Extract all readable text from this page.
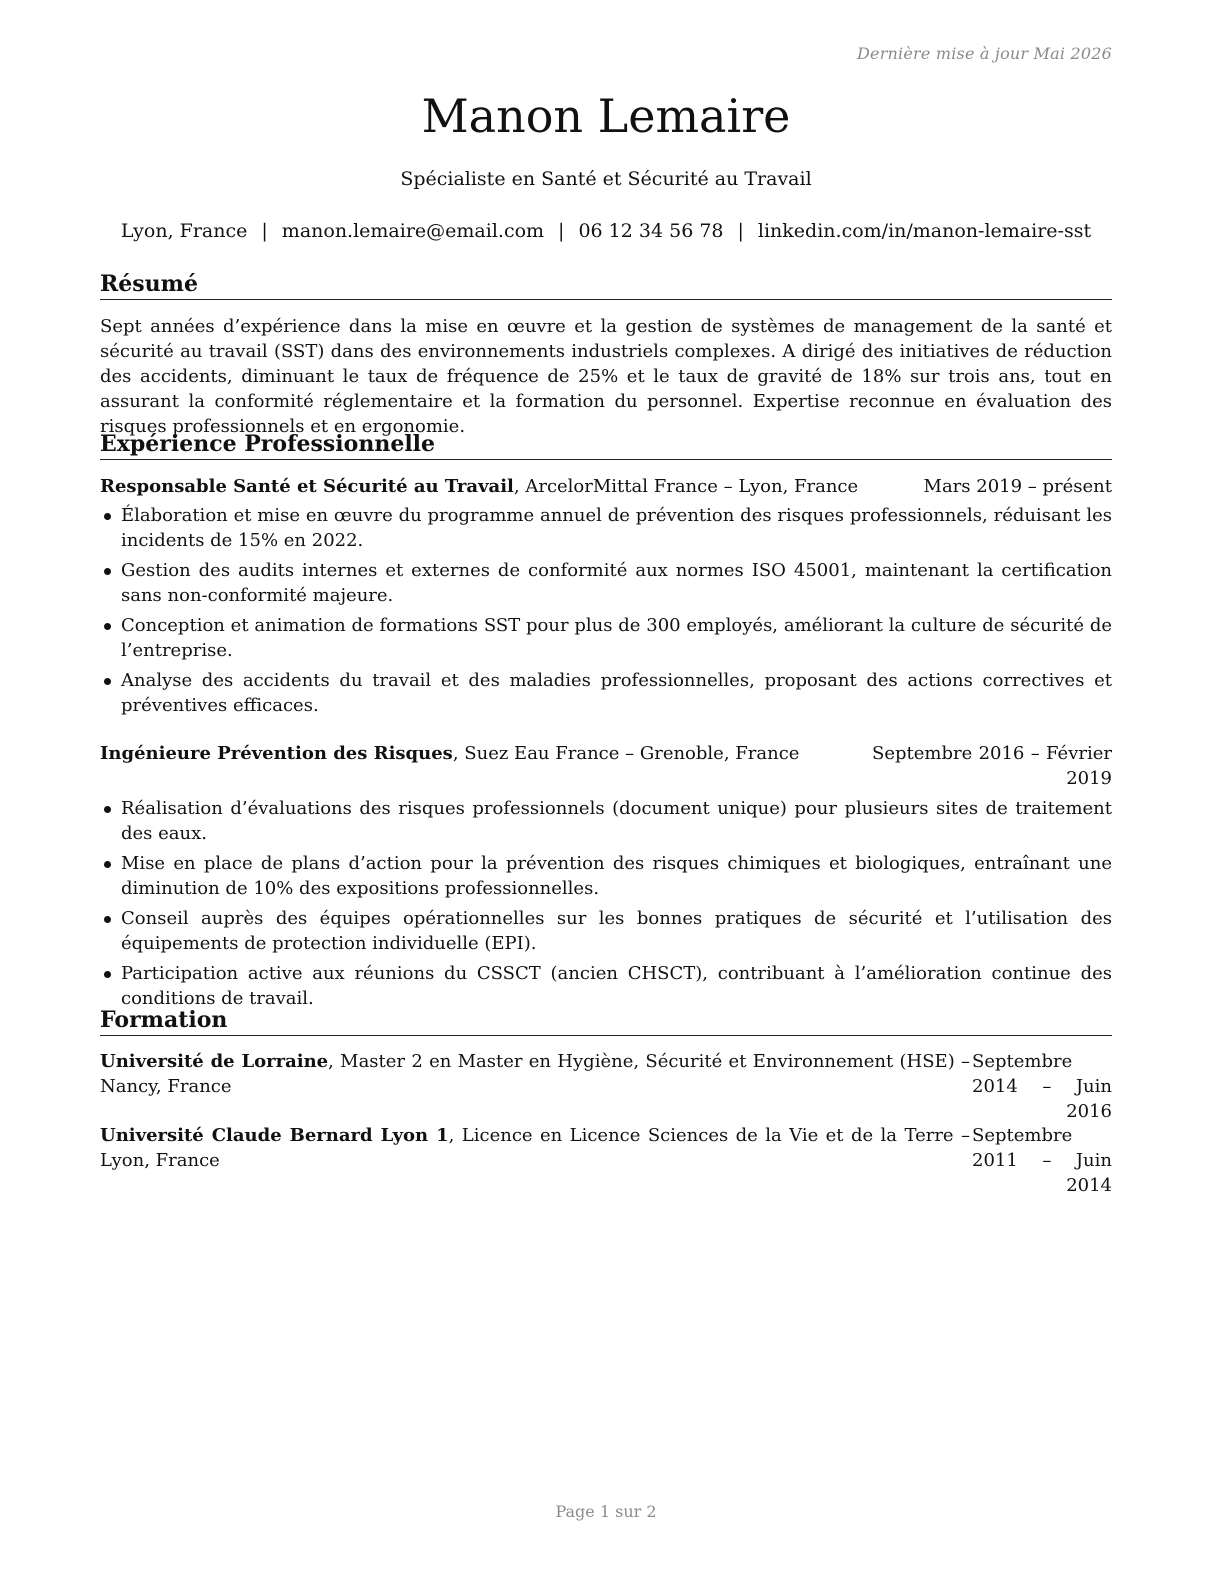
Dernière mise à jour Mai 2026
Manon Lemaire
Spécialiste en Santé et Sécurité au Travail
Lyon, France | manon.lemaire@email.com | 06 12 34 56 78 | linkedin.com/in/manon-lemaire-sst
Résumé
Sept années d’expérience dans la mise en œuvre et la gestion de systèmes de management de la santé et sécurité au travail (SST) dans des environnements industriels complexes. A dirigé des initiatives de réduction des accidents, diminuant le taux de fréquence de 25% et le taux de gravité de 18% sur trois ans, tout en assurant la conformité réglementaire et la formation du personnel. Expertise reconnue en évaluation des risques professionnels et en ergonomie.
Expérience Professionnelle
Responsable Santé et Sécurité au Travail, ArcelorMittal France – Lyon, France	Mars 2019 – présent
Élaboration et mise en œuvre du programme annuel de prévention des risques professionnels, réduisant les incidents de 15% en 2022.
Gestion des audits internes et externes de conformité aux normes ISO 45001, maintenant la certification sans non-conformité majeure.
Conception et animation de formations SST pour plus de 300 employés, améliorant la culture de sécurité de l’entreprise.
Analyse des accidents du travail et des maladies professionnelles, proposant des actions correctives et préventives efficaces.
Ingénieure Prévention des Risques, Suez Eau France – Grenoble, France	Septembre 2016 – Février 2019
Réalisation d’évaluations des risques professionnels (document unique) pour plusieurs sites de traitement des eaux.
Mise en place de plans d’action pour la prévention des risques chimiques et biologiques, entraînant une diminution de 10% des expositions professionnelles.
Conseil auprès des équipes opérationnelles sur les bonnes pratiques de sécurité et l’utilisation des équipements de protection individuelle (EPI).
Participation active aux réunions du CSSCT (ancien CHSCT), contribuant à l’amélioration continue des conditions de travail.
Formation
Université de Lorraine, Master 2 en Master en Hygiène, Sécurité et Environnement (HSE) – Nancy, France
Septembre 2014 – Juin 2016
Université Claude Bernard Lyon 1, Licence en Licence Sciences de la Vie et de la Terre – Lyon, France
Septembre 2011 – Juin 2014
Page 1 sur 2
